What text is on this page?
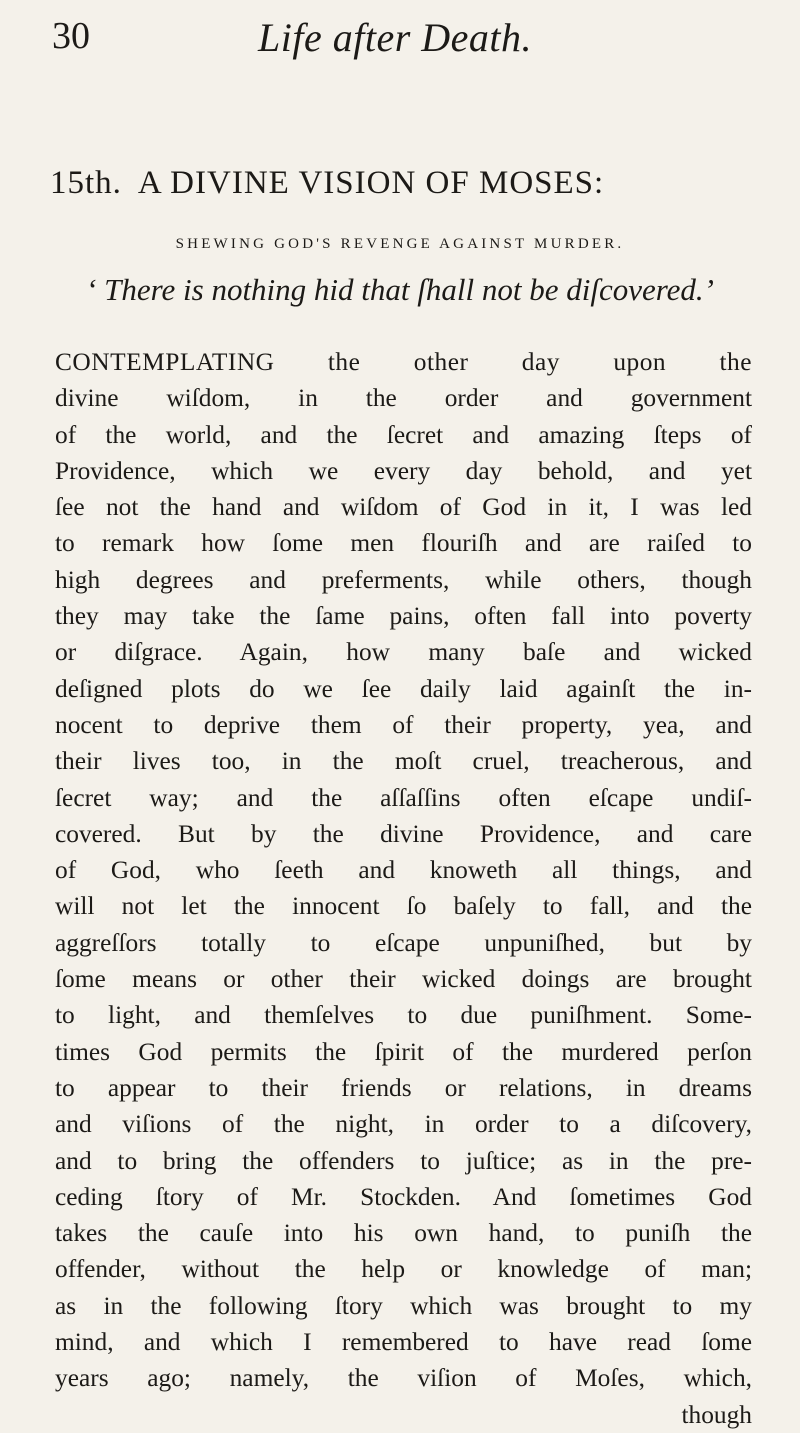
30	Life after Death.
15th. A DIVINE VISION OF MOSES:
SHEWING GOD'S REVENGE AGAINST MURDER.
‘ There is nothing hid that ſhall not be diſcovered.’
CONTEMPLATING the other day upon the
divine wiſdom, in the order and government
of the world, and the ſecret and amazing ſteps of
Providence, which we every day behold, and yet
ſee not the hand and wiſdom of God in it, I was led
to remark how ſome men flouriſh and are raiſed to
high degrees and preferments, while others, though
they may take the ſame pains, often fall into poverty
or diſgrace. Again, how many baſe and wicked
deſigned plots do we ſee daily laid againſt the in-
nocent to deprive them of their property, yea, and
their lives too, in the moſt cruel, treacherous, and
ſecret way; and the aſſaſſins often eſcape undiſ-
covered. But by the divine Providence, and care
of God, who ſeeth and knoweth all things, and
will not let the innocent ſo baſely to fall, and the
aggreſſors totally to eſcape unpuniſhed, but by
ſome means or other their wicked doings are brought
to light, and themſelves to due puniſhment. Some-
times God permits the ſpirit of the murdered perſon
to appear to their friends or relations, in dreams
and viſions of the night, in order to a diſcovery,
and to bring the offenders to juſtice; as in the pre-
ceding ſtory of Mr. Stockden. And ſometimes God
takes the cauſe into his own hand, to puniſh the
offender, without the help or knowledge of man;
as in the following ſtory which was brought to my
mind, and which I remembered to have read ſome
years ago; namely, the viſion of Moſes, which,
though
